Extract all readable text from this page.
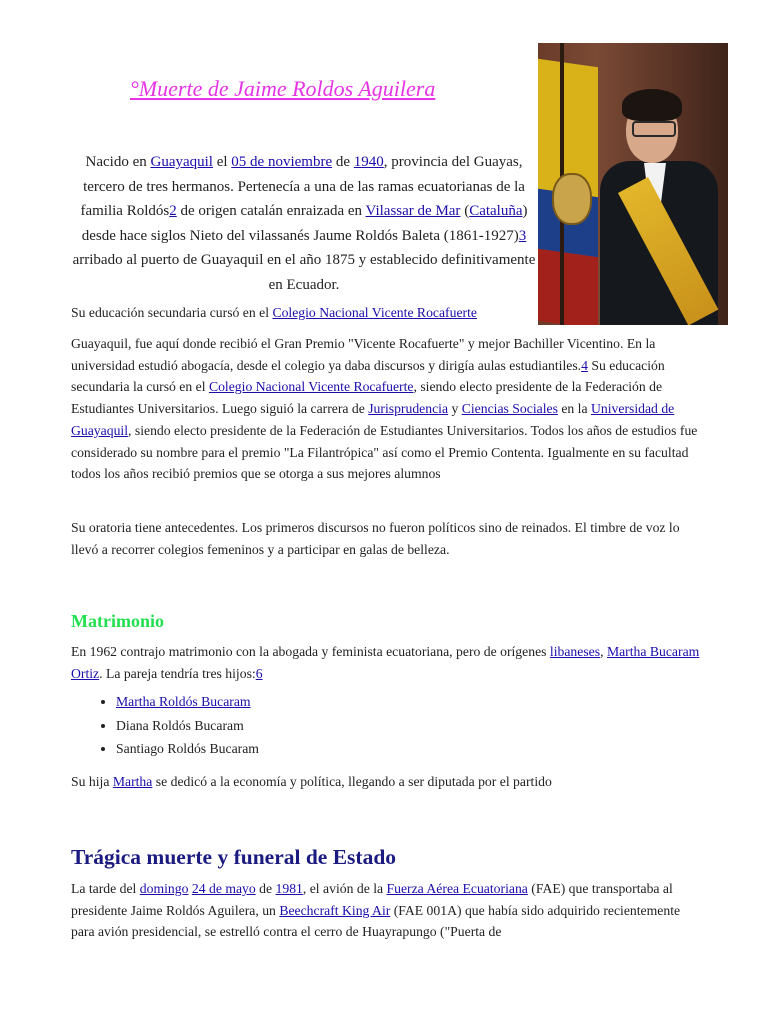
°Muerte de Jaime Roldos Aguilera
Nacido en Guayaquil el 05 de noviembre de 1940, provincia del Guayas, tercero de tres hermanos. Pertenecía a una de las ramas ecuatorianas de la familia Roldós2 de origen catalán enraizada en Vilassar de Mar (Cataluña) desde hace siglos Nieto del vilassanés Jaume Roldós Baleta (1861-1927)3 arribado al puerto de Guayaquil en el año 1875 y establecido definitivamente en Ecuador.

Su educación secundaria cursó en el Colegio Nacional Vicente Rocafuerte

Guayaquil, fue aquí donde recibió el Gran Premio "Vicente Rocafuerte" y mejor Bachiller Vicentino. En la universidad estudió abogacía, desde el colegio ya daba discursos y dirigía aulas estudiantiles.4 Su educación secundaria la cursó en el Colegio Nacional Vicente Rocafuerte, siendo electo presidente de la Federación de Estudiantes Universitarios. Luego siguió la carrera de Jurisprudencia y Ciencias Sociales en la Universidad de Guayaquil, siendo electo presidente de la Federación de Estudiantes Universitarios. Todos los años de estudios fue considerado su nombre para el premio "La Filantrópica" así como el Premio Contenta. Igualmente en su facultad todos los años recibió premios que se otorga a sus mejores alumnos

Su oratoria tiene antecedentes. Los primeros discursos no fueron políticos sino de reinados. El timbre de voz lo llevó a recorrer colegios femeninos y a participar en galas de belleza.

Matrimonio

En 1962 contrajo matrimonio con la abogada y feminista ecuatoriana, pero de orígenes libaneses, Martha Bucaram Ortiz. La pareja tendría tres hijos:6

• Martha Roldós Bucaram
• Diana Roldós Bucaram
• Santiago Roldós Bucaram

Su hija Martha se dedicó a la economía y política, llegando a ser diputada por el partido

Trágica muerte y funeral de Estado

La tarde del domingo 24 de mayo de 1981, el avión de la Fuerza Aérea Ecuatoriana (FAE) que transportaba al presidente Jaime Roldós Aguilera, un Beechcraft King Air (FAE 001A) que había sido adquirido recientemente para avión presidencial, se estrelló contra el cerro de Huayrapungo ("Puerta de
